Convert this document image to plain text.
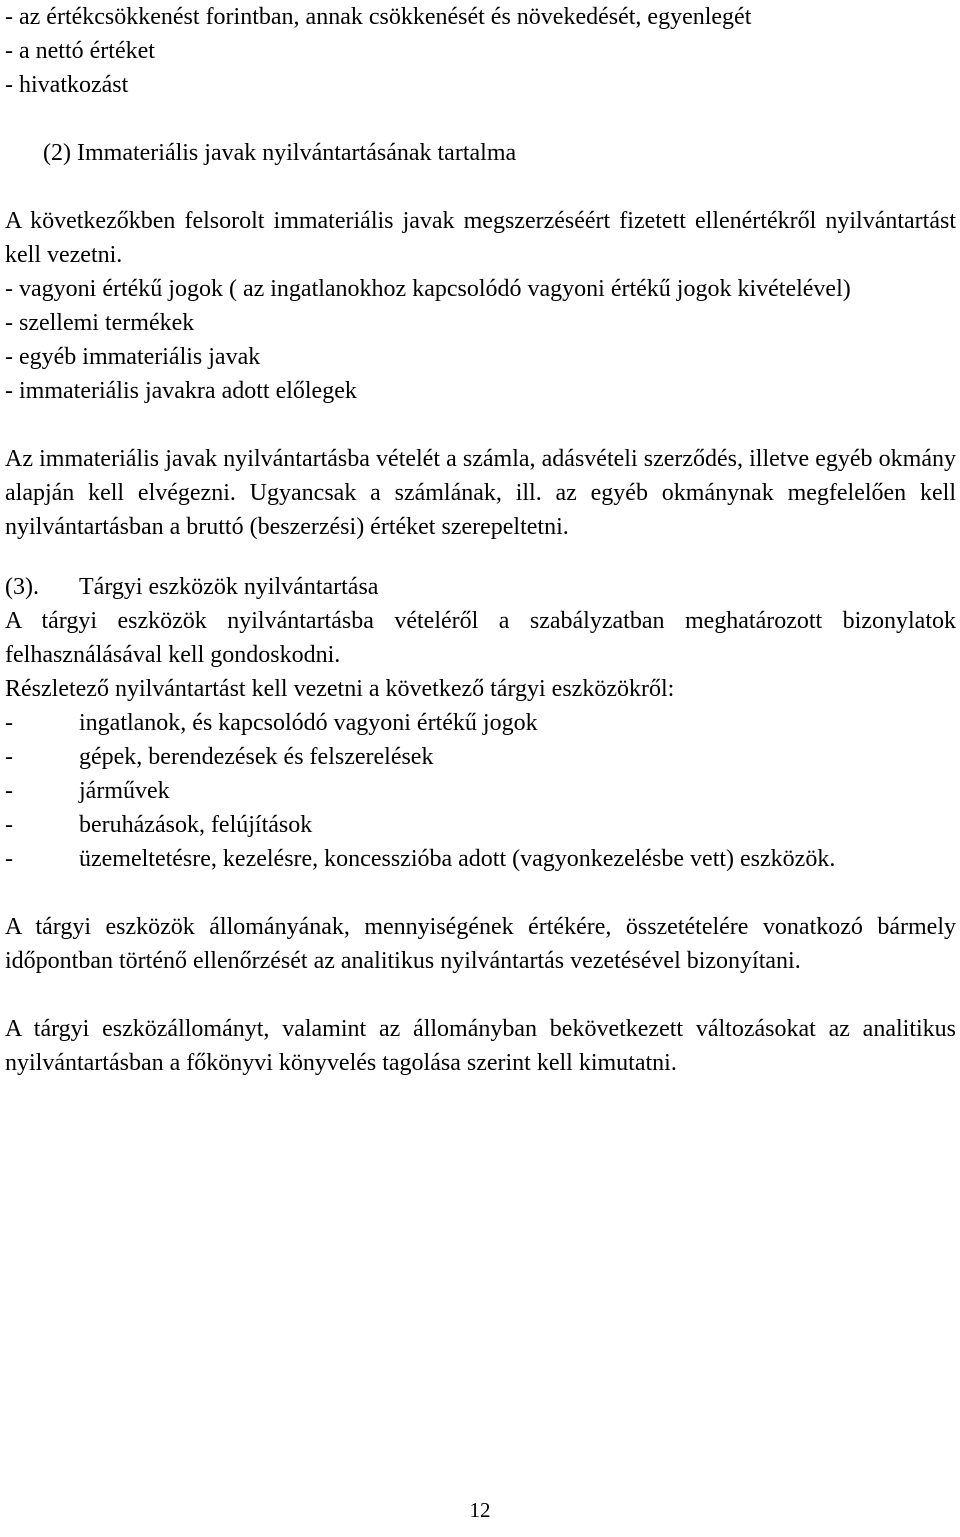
- az értékcsökkenést forintban, annak csökkenését és növekedését, egyenlegét

- a nettó értéket

- hivatkozást

(2) Immateriális javak nyilvántartásának tartalma

A következőkben felsorolt immateriális javak megszerzéséért fizetett ellenértékről nyilvántartást kell vezetni.

- vagyoni értékű jogok ( az ingatlanokhoz kapcsolódó vagyoni értékű jogok kivételével)

- szellemi termékek

- egyéb immateriális javak

- immateriális javakra adott előlegek

Az immateriális javak nyilvántartásba vételét a számla, adásvételi szerződés, illetve egyéb okmány alapján kell elvégezni. Ugyancsak a számlának, ill. az egyéb okmánynak megfelelően kell nyilvántartásban a bruttó (beszerzési) értéket szerepeltetni.

(3).	Tárgyi eszközök nyilvántartása

A tárgyi eszközök nyilvántartásba vételéről a szabályzatban meghatározott bizonylatok felhasználásával kell gondoskodni.

Részletező nyilvántartást kell vezetni a következő tárgyi eszközökről:

-	ingatlanok, és kapcsolódó vagyoni értékű jogok
-	gépek, berendezések és felszerelések
-	járművek
-	beruházások, felújítások
-	üzemeltetésre, kezelésre, koncesszióba adott (vagyonkezelésbe vett) eszközök.

A tárgyi eszközök állományának, mennyiségének értékére, összetételére vonatkozó bármely időpontban történő ellenőrzését az analitikus nyilvántartás vezetésével bizonyítani.

A tárgyi eszközállományt, valamint az állományban bekövetkezett változásokat az analitikus nyilvántartásban a főkönyvi könyvelés tagolása szerint kell kimutatni.

12
